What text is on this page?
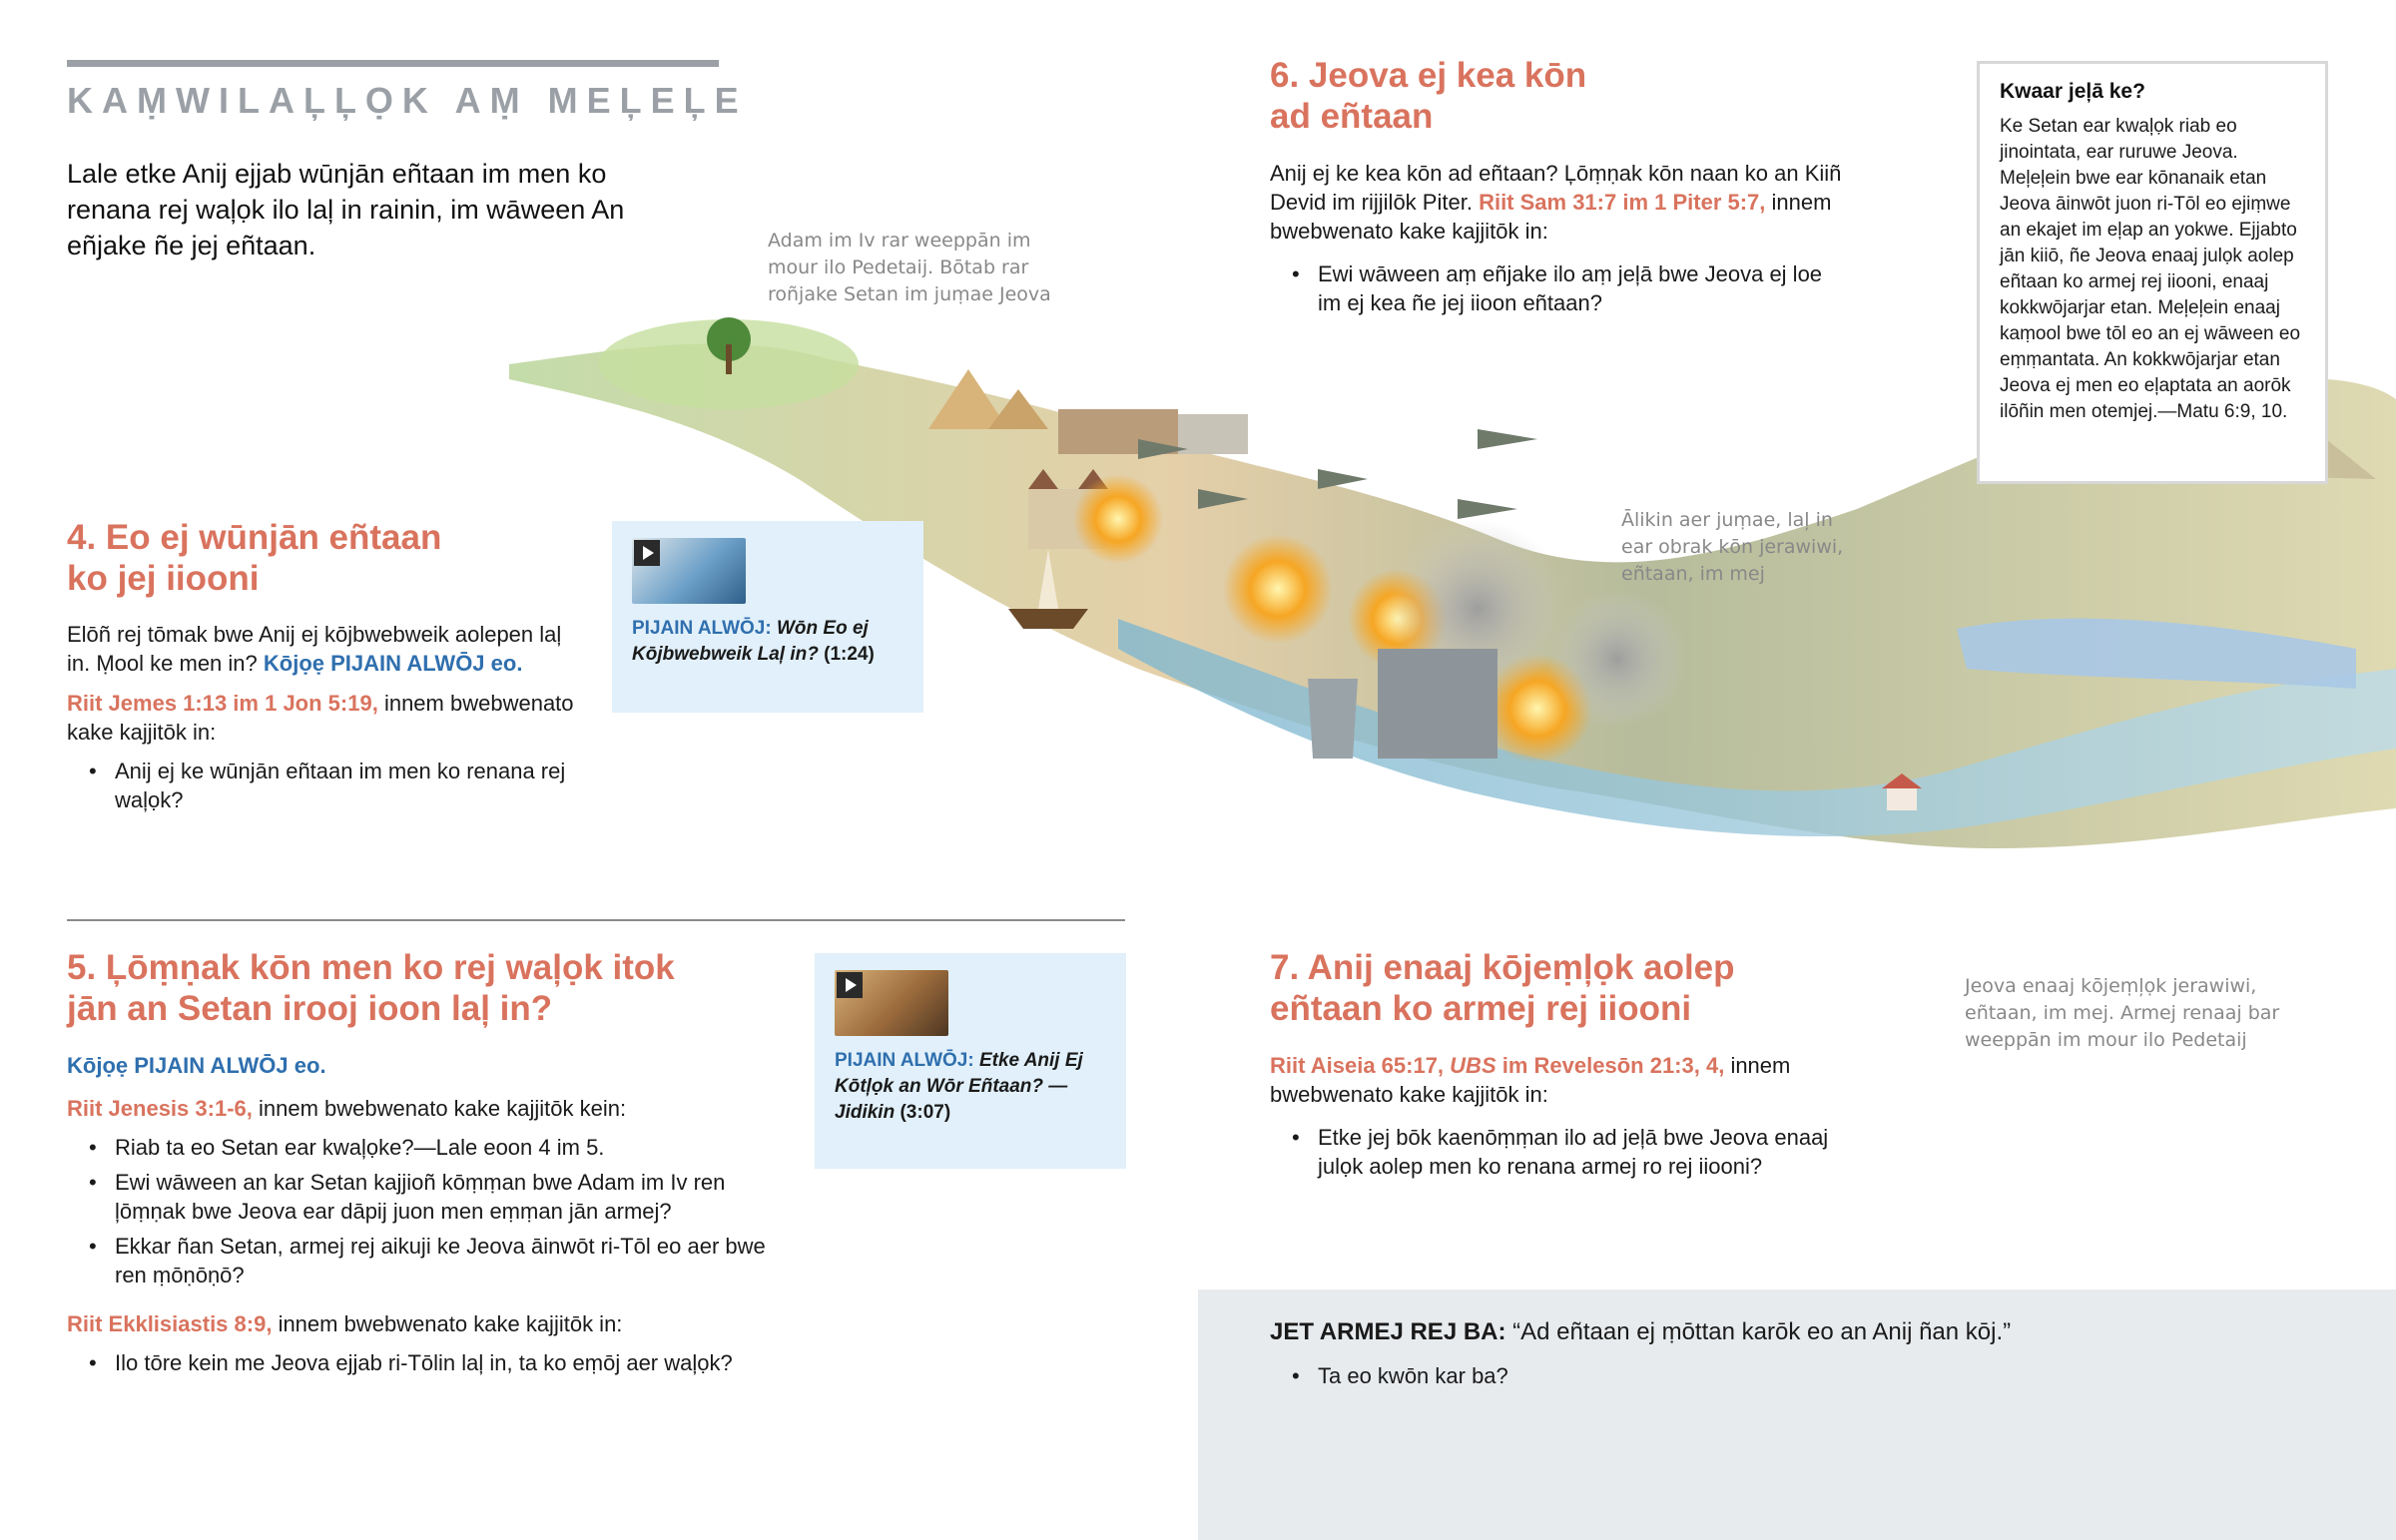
KAṂWILAĻĻỌK AṂ MEĻEĻE
Lale etke Anij ejjab wūnjān eñtaan im men ko renana rej waļọk ilo laļ in rainin, im wāween An eñjake ñe jej eñtaan.	Adam im Iv rar weeppān im mour ilo Pedetaij. Bōtab rar roñjake Setan im juṃae Jeova
Ālikin aer juṃae, laļ in ear obrak kōn jerawiwi, eñtaan, im mej
Jeova enaaj kōjeṃļọk jerawiwi, eñtaan, im mej. Armej renaaj bar weeppān im mour ilo Pedetaij
4. Eo ej wūnjān eñtaan
ko jej iiooni

Elōñ rej tōmak bwe Anij ej kōjbwebweik aolepen laļ in. Ṃool ke men in? Kōjọẹ PIJAIN ALWŌJ eo.

Riit Jemes 1:13 im 1 Jon 5:19, innem bwebwenato kake kajjitōk in:

• Anij ej ke wūnjān eñtaan im men ko renana rej waļọk?
PIJAIN ALWŌJ: Wōn Eo ej Kōjbwebweik Laļ in? (1:24)
5. Ļōṃṇak kōn men ko rej waļọk itok
jān an Setan irooj ioon laļ in?

Kōjọẹ PIJAIN ALWŌJ eo.

Riit Jenesis 3:1-6, innem bwebwenato kake kajjitōk kein:

• Riab ta eo Setan ear kwaļọke?—Lale eoon 4 im 5.
• Ewi wāween an kar Setan kajjioñ kōṃṃan bwe Adam im Iv ren ļōṃṇak bwe Jeova ear dāpij juon men eṃṃan jān armej?
• Ekkar ñan Setan, armej rej aikuji ke Jeova āinwōt ri-Tōl eo aer bwe ren ṃōṇōṇō?

Riit Ekklisiastis 8:9, innem bwebwenato kake kajjitōk in:

• Ilo tōre kein me Jeova ejjab ri-Tōlin laļ in, ta ko eṃōj aer waļọk?
PIJAIN ALWŌJ: Etke Anij Ej Kōtļọk an Wōr Eñtaan? —Jidikin (3:07)
6. Jeova ej kea kōn
ad eñtaan

Anij ej ke kea kōn ad eñtaan? Ļōṃṇak kōn naan ko an Kiiñ Devid im rijjilōk Piter. Riit Sam 31:7 im 1 Piter 5:7, innem bwebwenato kake kajjitōk in:

• Ewi wāween aṃ eñjake ilo aṃ jeļā bwe Jeova ej loe im ej kea ñe jej iioon eñtaan?
Kwaar jeļā ke?

Ke Setan ear kwaļọk riab eo jinointata, ear ruruwe Jeova. Meļeļein bwe ear kōnanaik etan Jeova āinwōt juon ri-Tōl eo ejiṃwe an ekajet im eļap an yokwe. Ejjabto jān kiiō, ñe Jeova enaaj julọk aolep eñtaan ko armej rej iiooni, enaaj kokkwōjarjar etan. Meļeļein enaaj kaṃool bwe tōl eo an ej wāween eo eṃṃantata. An kokkwōjarjar etan Jeova ej men eo eļaptata an aorōk ilōñin men otemjej.—Matu 6:9, 10.

7. Anij enaaj kōjeṃļọk aolep
eñtaan ko armej rej iiooni

Riit Aiseia 65:17, UBS im Revelesōn 21:3, 4, innem bwebwenato kake kajjitōk in:

• Etke jej bōk kaenōṃṃan ilo ad jeļā bwe Jeova enaaj julọk aolep men ko renana armej ro rej iiooni?

JET ARMEJ REJ BA: “Ad eñtaan ej ṃōttan karōk eo an Anij ñan kōj.”

• Ta eo kwōn kar ba?
